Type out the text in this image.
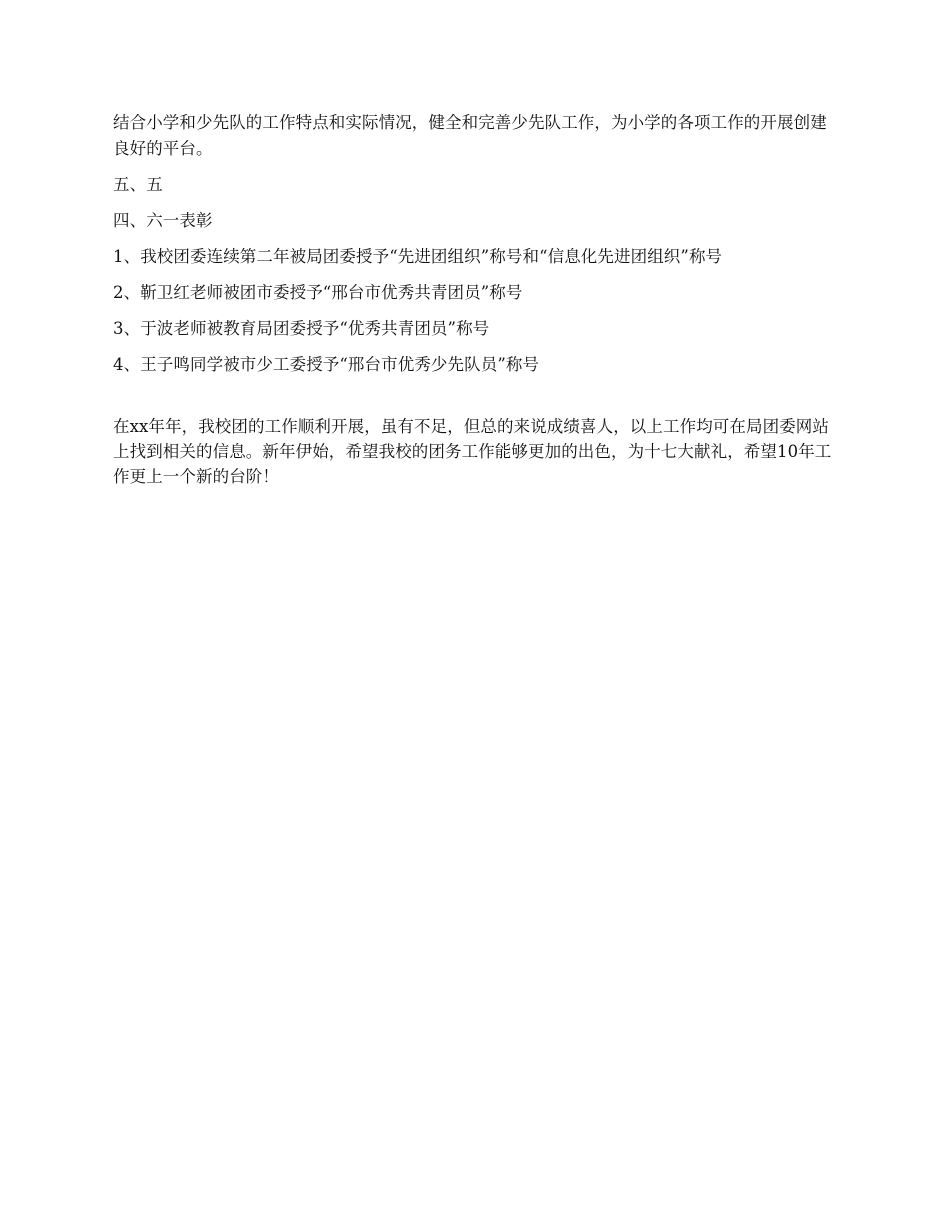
结合小学和少先队的工作特点和实际情况，健全和完善少先队工作，为小学的各项工作的开展创建良好的平台。

五、五

四、六一表彰

1、我校团委连续第二年被局团委授予“先进团组织”称号和“信息化先进团组织”称号

2、靳卫红老师被团市委授予“邢台市优秀共青团员”称号

3、于波老师被教育局团委授予“优秀共青团员”称号

4、王子鸣同学被市少工委授予“邢台市优秀少先队员”称号

在xx年年，我校团的工作顺利开展，虽有不足，但总的来说成绩喜人，以上工作均可在局团委网站上找到相关的信息。新年伊始，希望我校的团务工作能够更加的出色，为十七大献礼，希望10年工作更上一个新的台阶！
